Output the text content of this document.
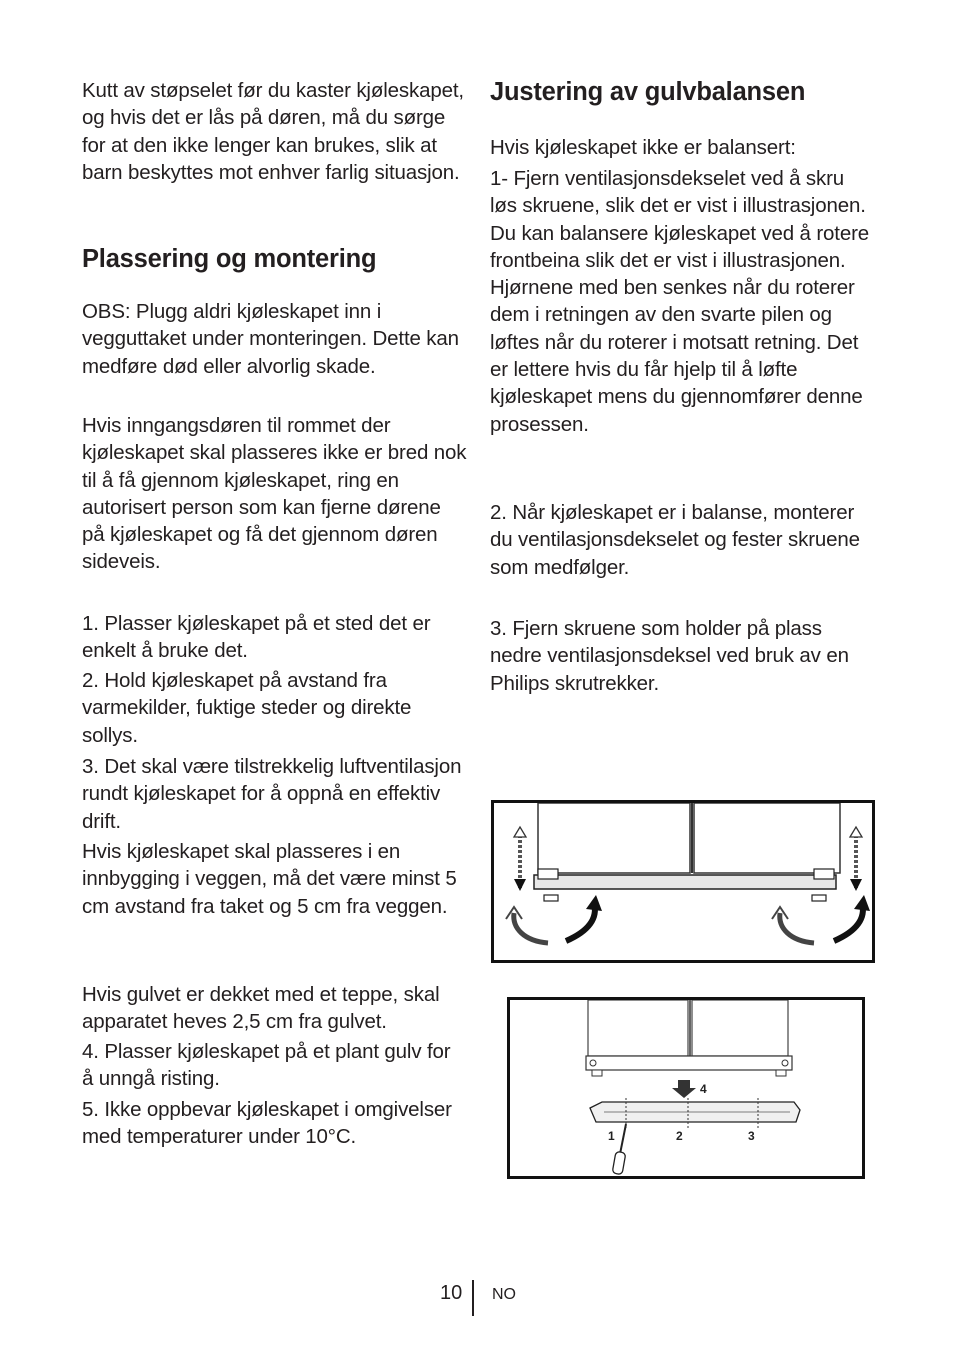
Kutt av støpselet før du kaster kjøleskapet, og hvis det er lås på døren, må du sørge for at den ikke lenger kan brukes, slik at barn beskyttes mot enhver farlig situasjon.

Plassering og montering

OBS: Plugg aldri kjøleskapet inn i vegguttaket under monteringen. Dette kan medføre død eller alvorlig skade.

Hvis inngangsdøren til rommet der kjøleskapet skal plasseres ikke er bred nok til å få gjennom kjøleskapet, ring en autorisert person som kan fjerne dørene på kjøleskapet og få det gjennom døren sideveis.

1. Plasser kjøleskapet på et sted det er enkelt å bruke det.

2. Hold kjøleskapet på avstand fra varmekilder, fuktige steder og direkte sollys.

3. Det skal være tilstrekkelig luftventilasjon rundt kjøleskapet for å oppnå en effektiv drift.

Hvis kjøleskapet skal plasseres i en innbygging i veggen, må det være minst 5 cm avstand fra taket og 5 cm fra veggen.

Hvis gulvet er dekket med et teppe, skal apparatet heves 2,5 cm fra gulvet.

4. Plasser kjøleskapet på et plant gulv for å unngå risting.

5. Ikke oppbevar kjøleskapet i omgivelser med temperaturer under 10°C.

Justering av gulvbalansen

Hvis kjøleskapet ikke er balansert:

1- Fjern ventilasjonsdekselet ved å skru løs skruene, slik det er vist i illustrasjonen. Du kan balansere kjøleskapet ved å rotere frontbeina slik det er vist i illustrasjonen. Hjørnene med ben senkes når du roterer dem i retningen av den svarte pilen og løftes når du roterer i motsatt retning. Det er lettere hvis du får hjelp til å løfte kjøleskapet mens du gjennomfører denne prosessen.

2. Når kjøleskapet er i balanse, monterer du ventilasjonsdekselet og fester skruene som medfølger.

3. Fjern skruene som holder på plass nedre ventilasjonsdeksel ved bruk av en Philips skrutrekker.

4
1	2	3
10 NO
